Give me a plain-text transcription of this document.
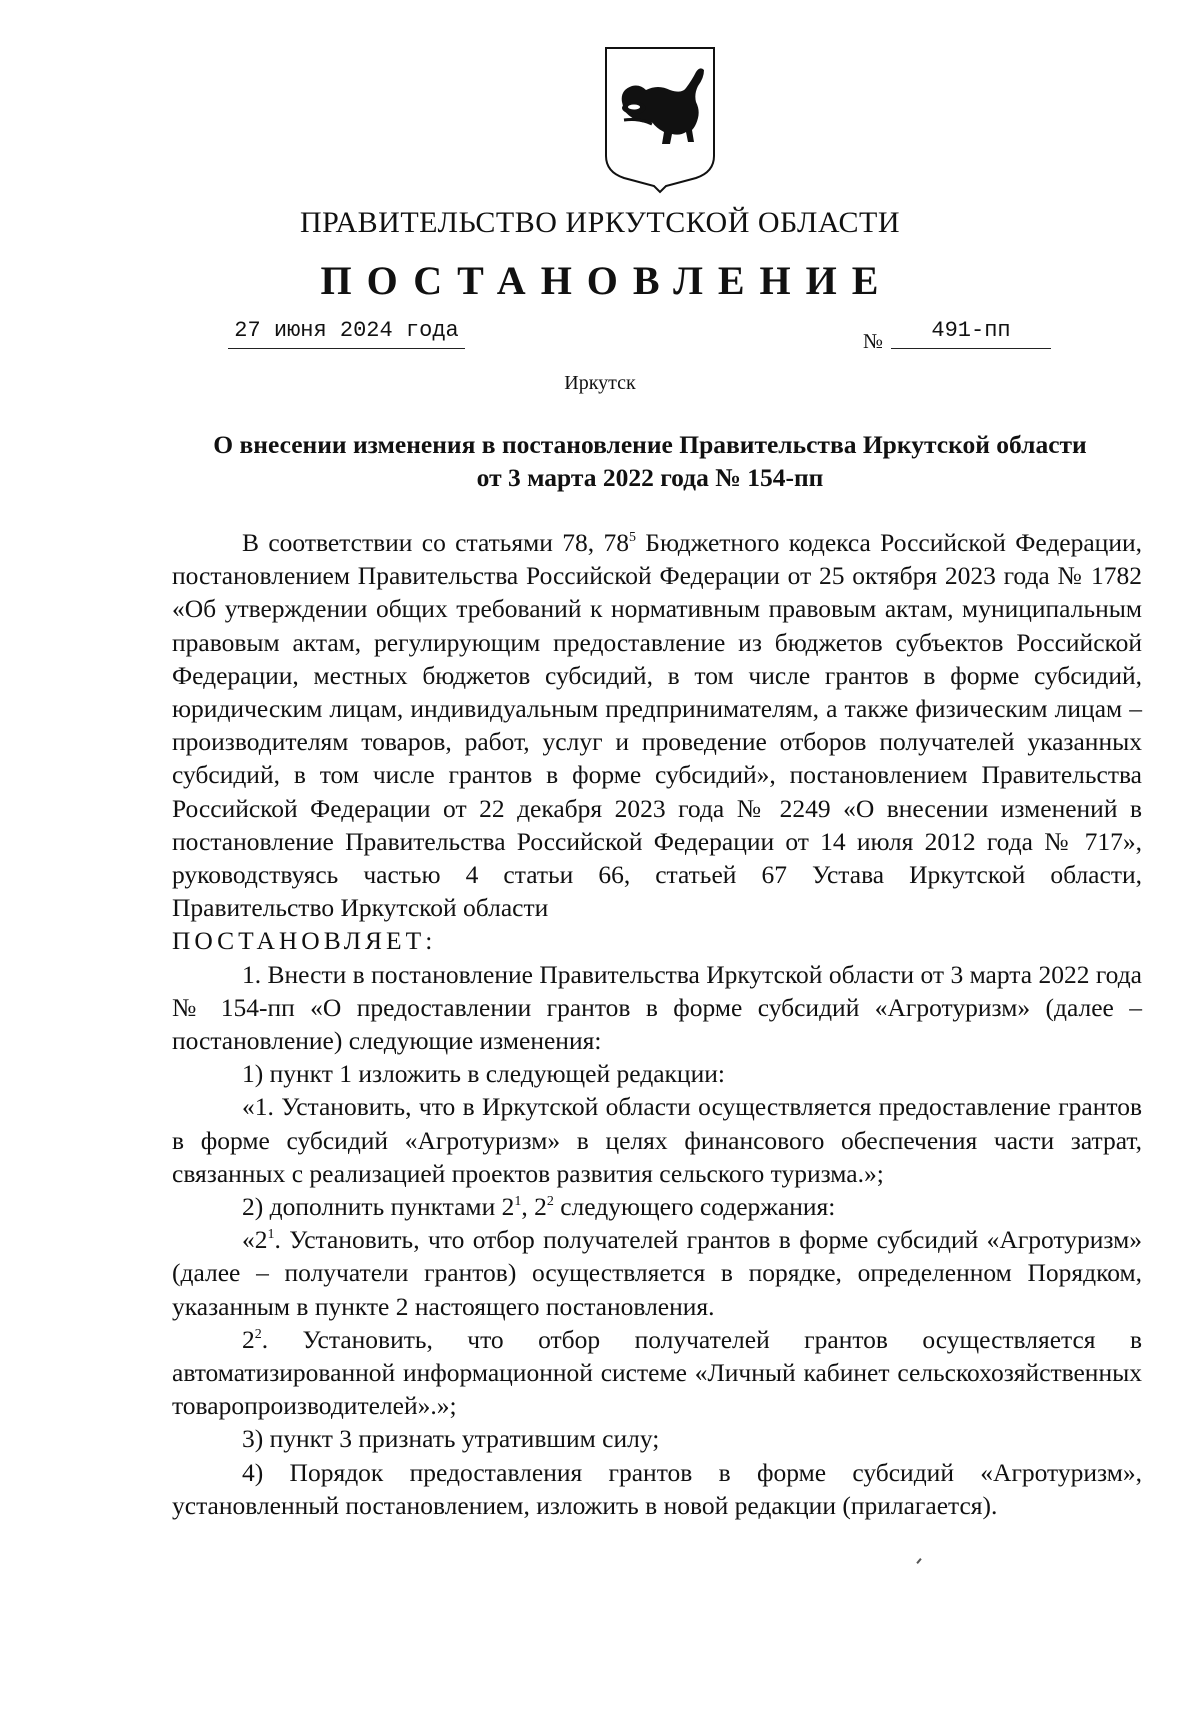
ПРАВИТЕЛЬСТВО ИРКУТСКОЙ ОБЛАСТИ
ПОСТАНОВЛЕНИЕ
27 июня 2024 года	№	491-пп
Иркутск
О внесении изменения в постановление Правительства Иркутской области
от 3 марта 2022 года № 154-пп

В соответствии со статьями 78, $78^5$ Бюджетного кодекса Российской Федерации, постановлением Правительства Российской Федерации от 25 октября 2023 года № 1782 «Об утверждении общих требований к нормативным правовым актам, муниципальным правовым актам, регулирующим предоставление из бюджетов субъектов Российской Федерации, местных бюджетов субсидий, в том числе грантов в форме субсидий, юридическим лицам, индивидуальным предпринимателям, а также физическим лицам – производителям товаров, работ, услуг и проведение отборов получателей указанных субсидий, в том числе грантов в форме субсидий», постановлением Правительства Российской Федерации от 22 декабря 2023 года № 2249 «О внесении изменений в постановление Правительства Российской Федерации от 14 июля 2012 года № 717», руководствуясь частью 4 статьи 66, статьей 67 Устава Иркутской области, Правительство Иркутской области

ПОСТАНОВЛЯЕТ:

1. Внести в постановление Правительства Иркутской области от 3 марта 2022 года № 154-пп «О предоставлении грантов в форме субсидий «Агротуризм» (далее – постановление) следующие изменения:

1) пункт 1 изложить в следующей редакции:

«1. Установить, что в Иркутской области осуществляется предоставление грантов в форме субсидий «Агротуризм» в целях финансового обеспечения части затрат, связанных с реализацией проектов развития сельского туризма.»;

2) дополнить пунктами $2^1$, $2^2$ следующего содержания:

«$2^1$. Установить, что отбор получателей грантов в форме субсидий «Агротуризм» (далее – получатели грантов) осуществляется в порядке, определенном Порядком, указанным в пункте 2 настоящего постановления.

$2^2$. Установить, что отбор получателей грантов осуществляется в автоматизированной информационной системе «Личный кабинет сельскохозяйственных товаропроизводителей».»;

3) пункт 3 признать утратившим силу;

4) Порядок предоставления грантов в форме субсидий «Агротуризм», установленный постановлением, изложить в новой редакции (прилагается).
